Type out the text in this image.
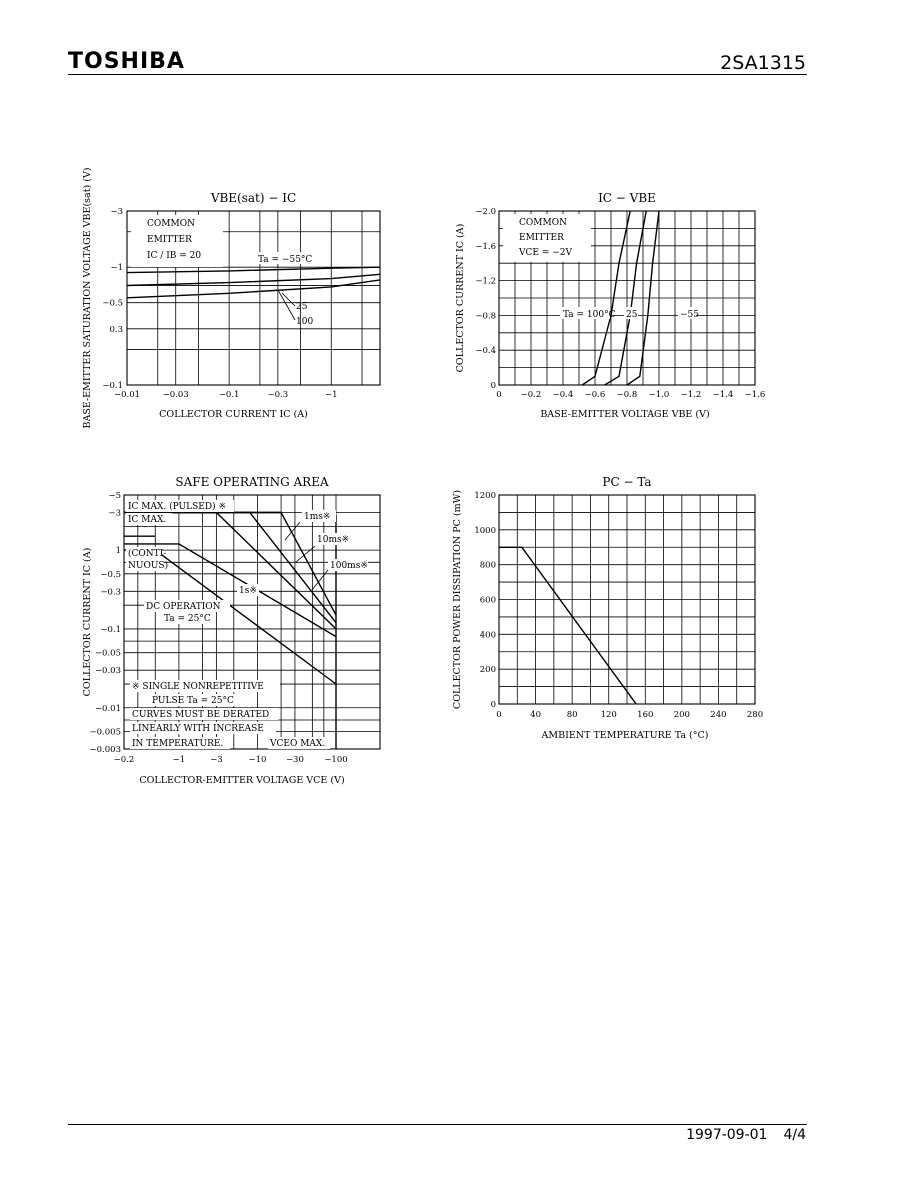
TOSHIBA	2SA1315
−0.01	−0.03	−0.1	−0.3	−1
−3
−1
−0.5
0.3
−0.1
VBE(sat) − IC
COLLECTOR CURRENT IC (A)
BASE-EMITTER SATURATION VOLTAGE VBE(sat) (V)	COMMON
EMITTER
IC / IB = 20	Ta = −55°C
25
100
0 −0.2 −0.4 −0.6 −0.8 −1.0 −1.2 −1.4 −1.6
−2.0
−1.6
−1.2
−0.8
−0.4
0
IC − VBE
BASE-EMITTER VOLTAGE VBE (V)
COLLECTOR CURRENT IC (A)
COMMON
EMITTER
VCE = −2V
Ta = 100°C 25	−55
−0.2	−1	−3	−10 −30 −100
−5
−3
1
−0.5
−0.3
−0.1
−0.05
−0.03
−0.01
−0.005
−0.003
SAFE OPERATING AREA
COLLECTOR-EMITTER VOLTAGE VCE (V)
COLLECTOR CURRENT IC (A)
IC MAX. (PULSED) ※
IC MAX.
(CONTI-
NUOUS)
1ms※
10ms※
100ms※
1s※
DC OPERATION
Ta = 25°C
※ SINGLE NONREPETITIVE
PULSE Ta = 25°C
CURVES MUST BE DERATED
LINEARLY WITH INCREASE
IN TEMPERATURE.	VCEO MAX.
0	40	80	120 160 200 240 280
1200
1000
800
600
400
200
0
PC − Ta
AMBIENT TEMPERATURE Ta (°C)
COLLECTOR POWER DISSIPATION PC (mW)
1997-09-01 4/4
